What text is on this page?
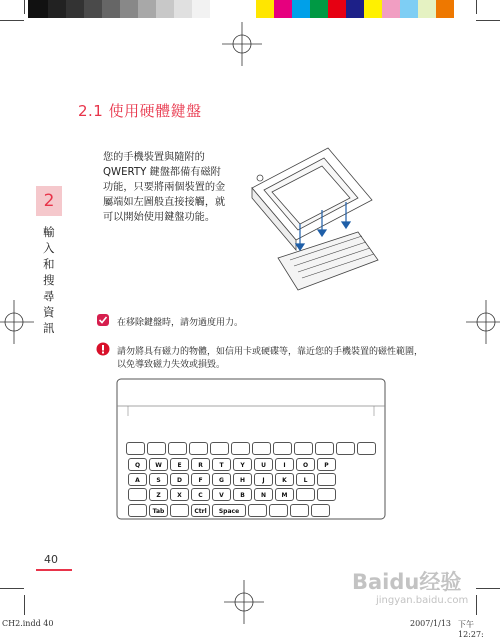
2.1 使用硬體鍵盤
您的手機裝置與隨附的
QWERTY 鍵盤都備有磁附
功能，只要將兩個裝置的金
屬端如左圖般直接接觸，就
可以開始使用鍵盤功能。
2
輸入和搜尋資訊	在移除鍵盤時，請勿過度用力。
請勿將具有磁力的物體，如信用卡或硬碟等，靠近您的手機裝置的磁性範圍，
以免導致磁力失效或損毀。
Q	W	E	R	T	Y	U	I	O	P
A	S	D	F	G	H	J	K	L
Z	X	C	V	B	N	M
Tab	Ctrl	Space
40
CH2.indd 40	2007/1/13 下午 12:27:
Baidu经验
jingyan.baidu.com
